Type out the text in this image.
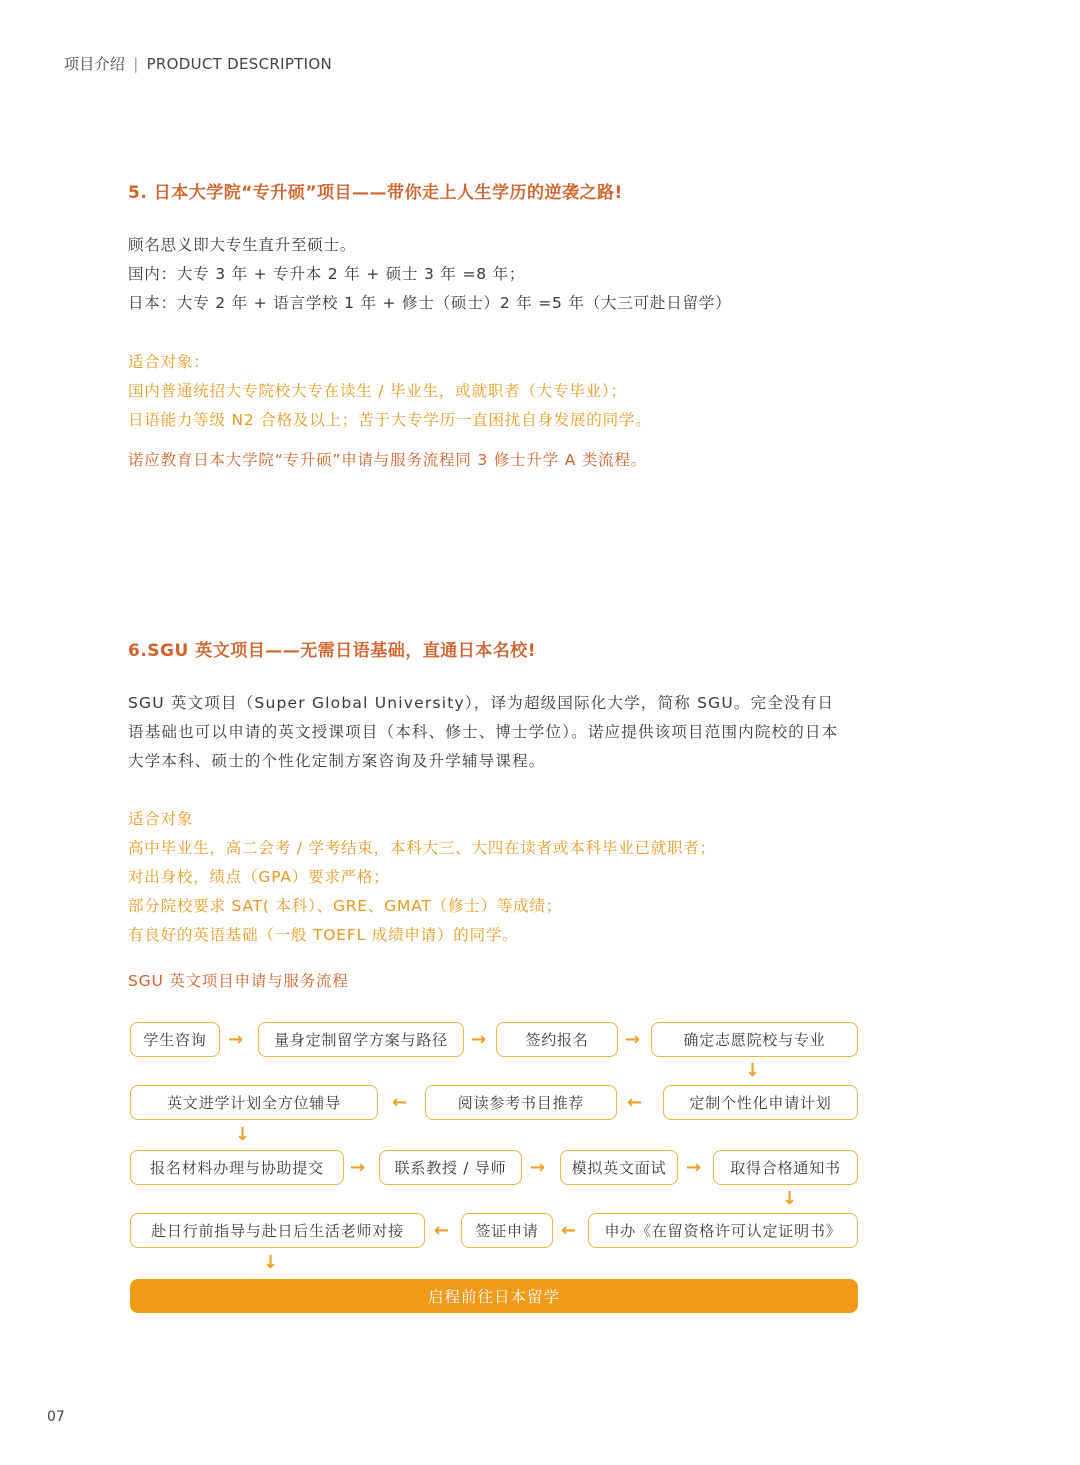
项目介绍 | PRODUCT DESCRIPTION
5. 日本大学院“专升硕”项目——带你走上人生学历的逆袭之路!
顾名思义即大专生直升至硕士。
国内：大专 3 年 + 专升本 2 年 + 硕士 3 年 =8 年；
日本：大专 2 年 + 语言学校 1 年 + 修士（硕士）2 年 =5 年（大三可赴日留学）
适合对象：
国内普通统招大专院校大专在读生 / 毕业生，或就职者（大专毕业）；
日语能力等级 N2 合格及以上；苦于大专学历一直困扰自身发展的同学。
诺应教育日本大学院“专升硕”申请与服务流程同 3 修士升学 A 类流程。
6.SGU 英文项目——无需日语基础，直通日本名校!
SGU 英文项目（Super Global University），译为超级国际化大学，简称 SGU。完全没有日
语基础也可以申请的英文授课项目（本科、修士、博士学位）。诺应提供该项目范围内院校的日本
大学本科、硕士的个性化定制方案咨询及升学辅导课程。
适合对象
高中毕业生，高二会考 / 学考结束，本科大三、大四在读者或本科毕业已就职者；
对出身校，绩点（GPA）要求严格；
部分院校要求 SAT( 本科）、GRE、GMAT（修士）等成绩；
有良好的英语基础（一般 TOEFL 成绩申请）的同学。
SGU 英文项目申请与服务流程
学生咨询	→	量身定制留学方案与路径	→	签约报名	→	确定志愿院校与专业
↓
英文进学计划全方位辅导	←	阅读参考书目推荐	←	定制个性化申请计划
↓
报名材料办理与协助提交	→	联系教授 / 导师	→	模拟英文面试	→	取得合格通知书
↓
赴日行前指导与赴日后生活老师对接	←	签证申请	←	申办《在留资格许可认定证明书》
↓
启程前往日本留学
07
